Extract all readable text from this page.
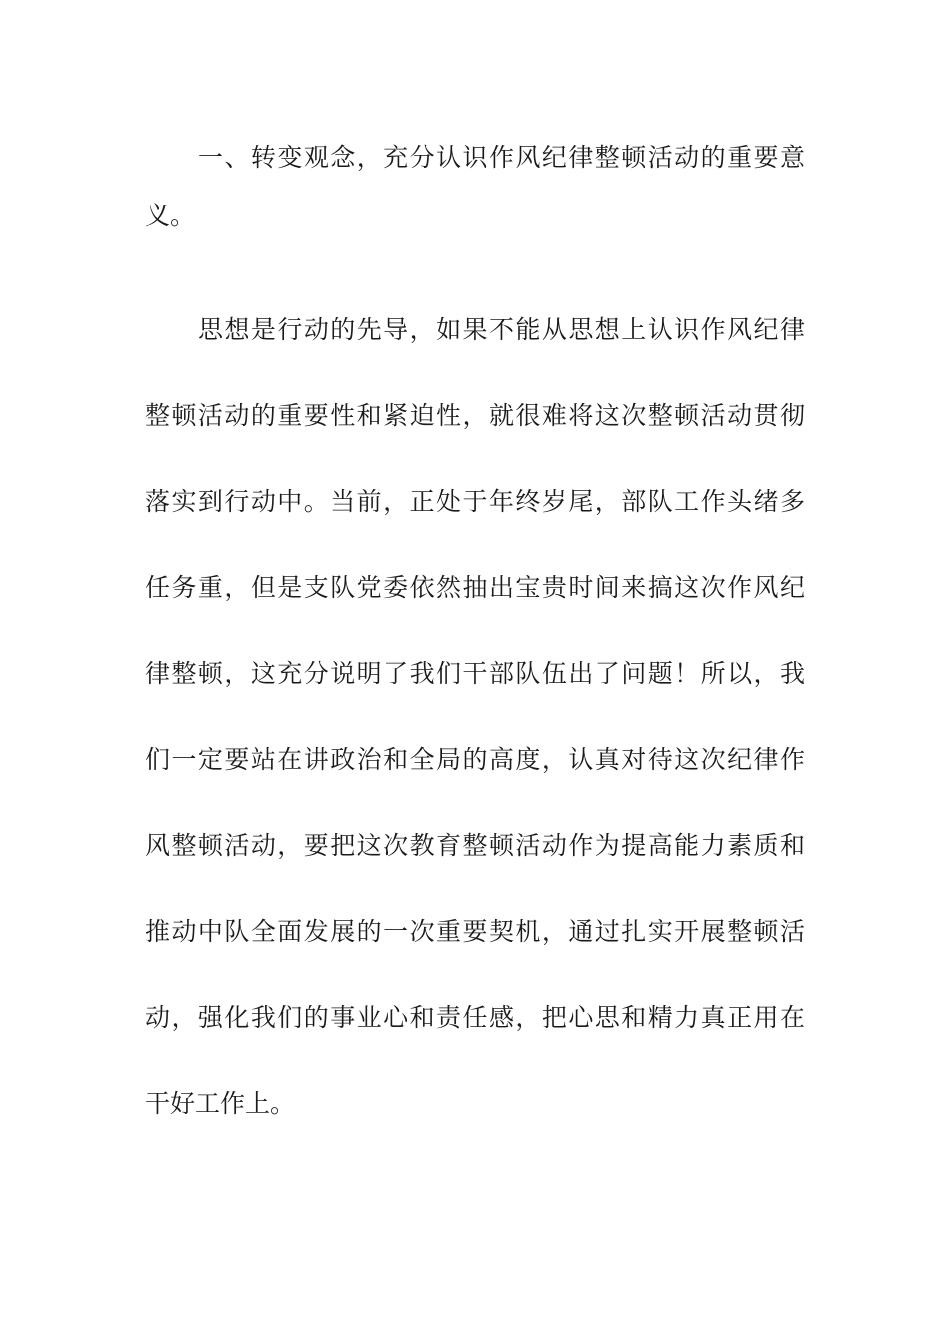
一、转变观念，充分认识作风纪律整顿活动的重要意
义。
思想是行动的先导，如果不能从思想上认识作风纪律
整顿活动的重要性和紧迫性，就很难将这次整顿活动贯彻
落实到行动中。当前，正处于年终岁尾，部队工作头绪多
任务重，但是支队党委依然抽出宝贵时间来搞这次作风纪
律整顿，这充分说明了我们干部队伍出了问题！所以，我
们一定要站在讲政治和全局的高度，认真对待这次纪律作
风整顿活动，要把这次教育整顿活动作为提高能力素质和
推动中队全面发展的一次重要契机，通过扎实开展整顿活
动，强化我们的事业心和责任感，把心思和精力真正用在
干好工作上。
